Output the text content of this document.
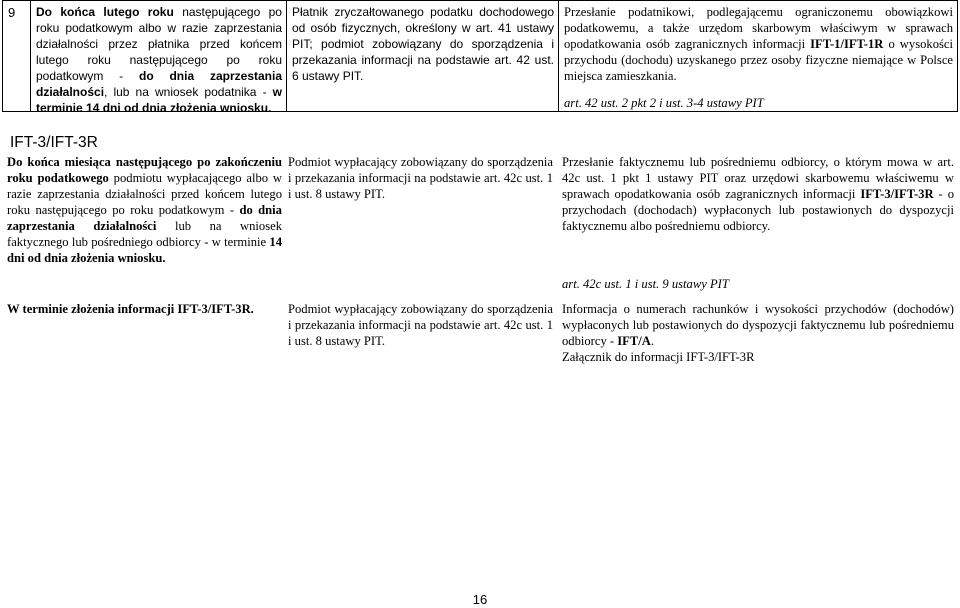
9	Do końca lutego roku następującego po roku podatkowym albo w razie zaprzestania działalności przez płatnika przed końcem lutego roku następującego po roku podatkowym - do dnia zaprzestania działalności, lub na wniosek podatnika - w terminie 14 dni od dnia złożenia wniosku.

Płatnik zryczałtowanego podatku dochodowego od osób fizycznych, określony w art. 41 ustawy PIT; podmiot zobowiązany do sporządzenia i przekazania informacji na podstawie art. 42 ust. 6 ustawy PIT.

Przesłanie podatnikowi, podlegającemu ograniczonemu obowiązkowi podatkowemu, a także urzędom skarbowym właściwym w sprawach opodatkowania osób zagranicznych informacji IFT-1/IFT-1R o wysokości przychodu (dochodu) uzyskanego przez osoby fizyczne niemające w Polsce miejsca zamieszkania.

art. 42 ust. 2 pkt 2 i ust. 3-4 ustawy PIT

IFT-3/IFT-3R

Do końca miesiąca następującego po zakończeniu roku podatkowego podmiotu wypłacającego albo w razie zaprzestania działalności przed końcem lutego roku następującego po roku podatkowym - do dnia zaprzestania działalności lub na wniosek faktycznego lub pośredniego odbiorcy - w terminie 14 dni od dnia złożenia wniosku.

Podmiot wypłacający zobowiązany do sporządzenia i przekazania informacji na podstawie art. 42c ust. 1 i ust. 8 ustawy PIT.

Przesłanie faktycznemu lub pośredniemu odbiorcy, o którym mowa w art. 42c ust. 1 pkt 1 ustawy PIT oraz urzędowi skarbowemu właściwemu w sprawach opodatkowania osób zagranicznych informacji IFT-3/IFT-3R - o przychodach (dochodach) wypłaconych lub postawionych do dyspozycji faktycznemu albo pośredniemu odbiorcy.

art. 42c ust. 1 i ust. 9 ustawy PIT

W terminie złożenia informacji IFT-3/IFT-3R.	Podmiot wypłacający zobowiązany do sporządzenia i przekazania informacji na podstawie art. 42c ust. 1 i ust. 8 ustawy PIT.

Informacja o numerach rachunków i wysokości przychodów (dochodów) wypłaconych lub postawionych do dyspozycji faktycznemu lub pośredniemu odbiorcy - IFT/A.
Załącznik do informacji IFT-3/IFT-3R

16
